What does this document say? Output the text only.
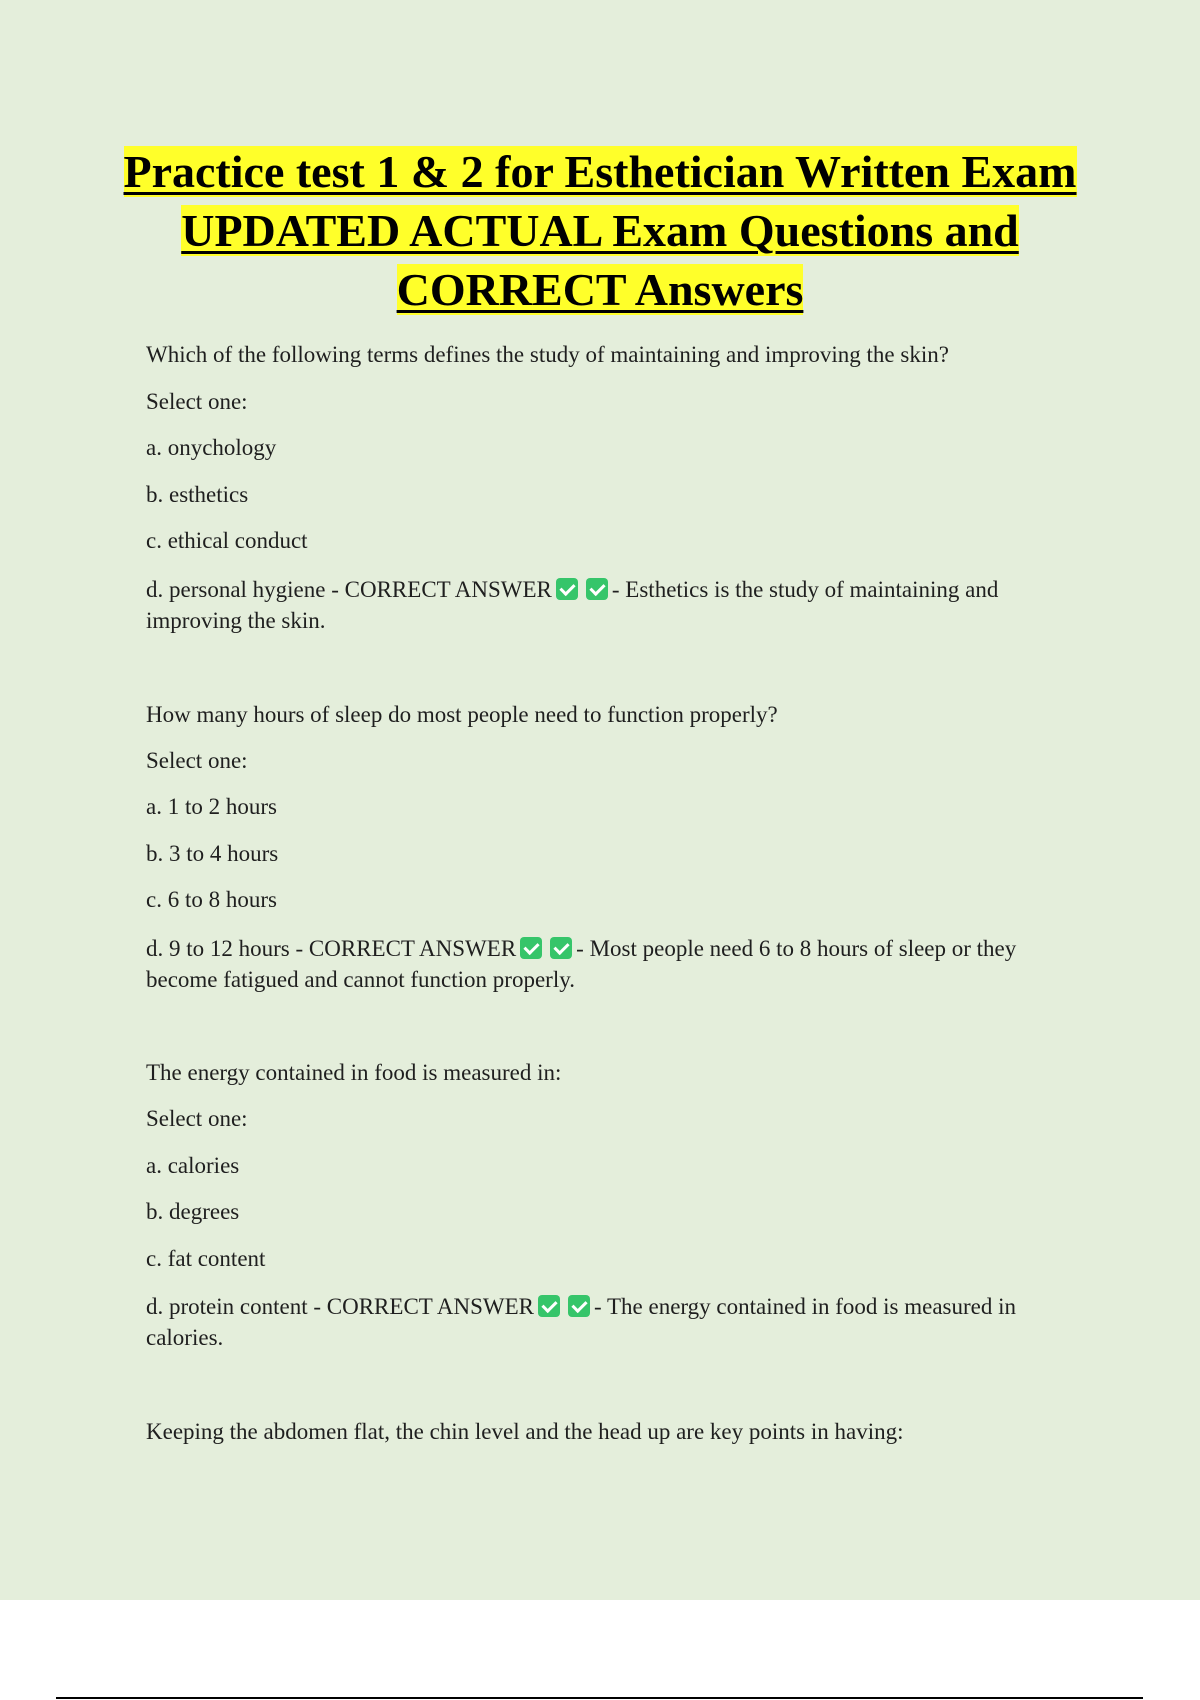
Practice test 1 & 2 for Esthetician Written Exam UPDATED ACTUAL Exam Questions and CORRECT Answers
Which of the following terms defines the study of maintaining and improving the skin?
Select one:
a. onychology
b. esthetics
c. ethical conduct
d. personal hygiene - CORRECT ANSWER	- Esthetics is the study of maintaining and
improving the skin.
How many hours of sleep do most people need to function properly?
Select one:
a. 1 to 2 hours
b. 3 to 4 hours
c. 6 to 8 hours
d. 9 to 12 hours - CORRECT ANSWER	- Most people need 6 to 8 hours of sleep or they
become fatigued and cannot function properly.
The energy contained in food is measured in:
Select one:
a. calories
b. degrees
c. fat content
d. protein content - CORRECT ANSWER	- The energy contained in food is measured in
calories.
Keeping the abdomen flat, the chin level and the head up are key points in having:
